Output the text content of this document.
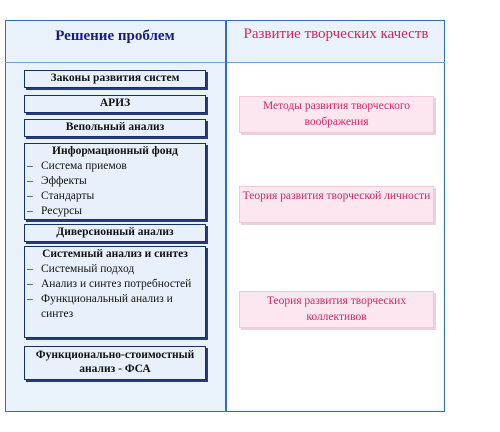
Решение проблем	Развитие творческих качеств
Законы развития систем
АРИЗ
Вепольный анализ
Информационный фонд
– Система приемов
– Эффекты
– Стандарты
– Ресурсы
Диверсионный анализ
Системный анализ и синтез
– Системный подход
– Анализ и синтез потребностей
– Функциональный анализ и синтез
Функционально-стоимостный анализ - ФСА
Методы развития творческого воображения
Теория развития творческой личности
Теория развития творческих коллективов
